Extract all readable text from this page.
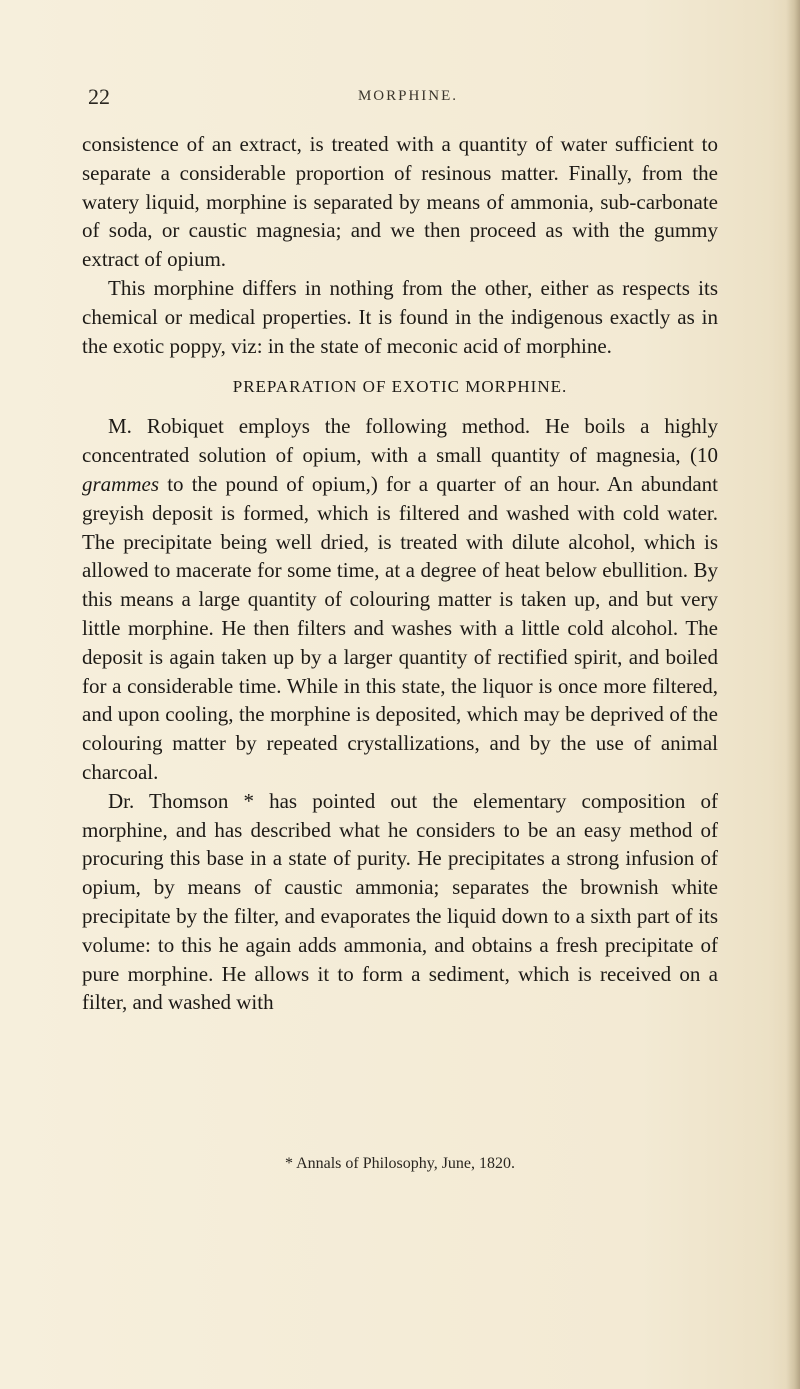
22	MORPHINE.

consistence of an extract, is treated with a quantity of water sufficient to separate a considerable proportion of resinous matter. Finally, from the watery liquid, morphine is separated by means of ammonia, sub-carbonate of soda, or caustic magnesia; and we then proceed as with the gummy extract of opium.

This morphine differs in nothing from the other, either as respects its chemical or medical properties. It is found in the indigenous exactly as in the exotic poppy, viz: in the state of meconic acid of morphine.

PREPARATION OF EXOTIC MORPHINE.

M. Robiquet employs the following method. He boils a highly concentrated solution of opium, with a small quantity of magnesia, (10 grammes to the pound of opium,) for a quarter of an hour. An abundant greyish deposit is formed, which is filtered and washed with cold water. The precipitate being well dried, is treated with dilute alcohol, which is allowed to macerate for some time, at a degree of heat below ebullition. By this means a large quantity of colouring matter is taken up, and but very little morphine. He then filters and washes with a little cold alcohol. The deposit is again taken up by a larger quantity of rectified spirit, and boiled for a considerable time. While in this state, the liquor is once more filtered, and upon cooling, the morphine is deposited, which may be deprived of the colouring matter by repeated crystallizations, and by the use of animal charcoal.

Dr. Thomson * has pointed out the elementary composition of morphine, and has described what he considers to be an easy method of procuring this base in a state of purity. He precipitates a strong infusion of opium, by means of caustic ammonia; separates the brownish white precipitate by the filter, and evaporates the liquid down to a sixth part of its volume: to this he again adds ammonia, and obtains a fresh precipitate of pure morphine. He allows it to form a sediment, which is received on a filter, and washed with

* Annals of Philosophy, June, 1820.
